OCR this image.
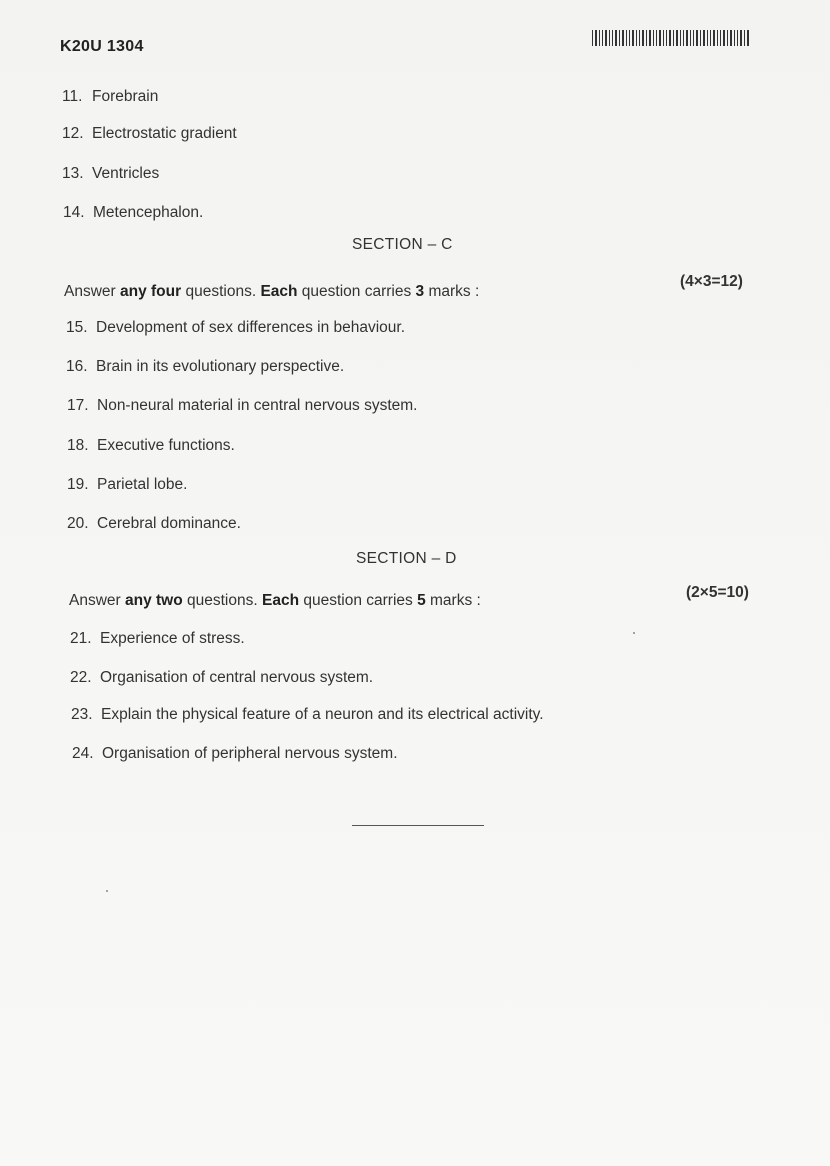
K20U 1304
11. Forebrain
12. Electrostatic gradient
13. Ventricles
14. Metencephalon.
SECTION – C
Answer any four questions. Each question carries 3 marks :
(4×3=12)
15. Development of sex differences in behaviour.
16. Brain in its evolutionary perspective.
17. Non-neural material in central nervous system.
18. Executive functions.
19. Parietal lobe.
20. Cerebral dominance.
SECTION – D
Answer any two questions. Each question carries 5 marks :	(2×5=10)
21. Experience of stress.
22. Organisation of central nervous system.
23. Explain the physical feature of a neuron and its electrical activity.
24. Organisation of peripheral nervous system.
